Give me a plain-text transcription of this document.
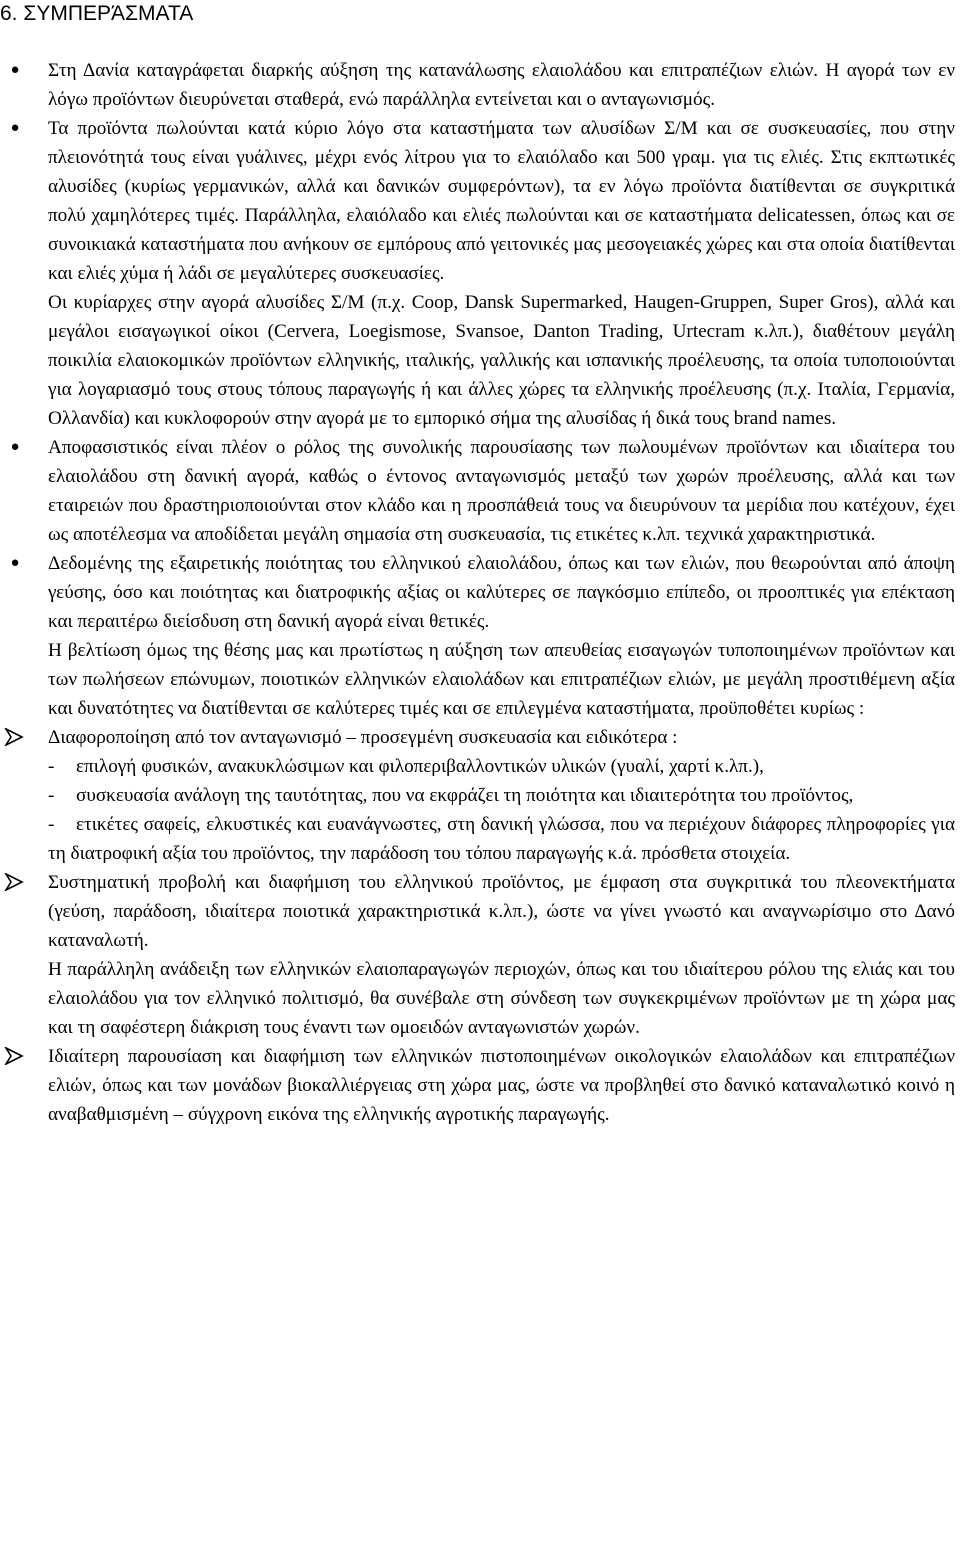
6. ΣΥΜΠΕΡΆΣΜΑΤΑ
●	Στη Δανία καταγράφεται διαρκής αύξηση της κατανάλωσης ελαιολάδου και επιτραπέζιων ελιών. Η αγορά των εν λόγω προϊόντων διευρύνεται σταθερά, ενώ παράλληλα εντείνεται και ο ανταγωνισμός.

●	Τα προϊόντα πωλούνται κατά κύριο λόγο στα καταστήματα των αλυσίδων Σ/Μ και σε συσκευασίες, που στην πλειονότητά τους είναι γυάλινες, μέχρι ενός λίτρου για το ελαιόλαδο και 500 γραμ. για τις ελιές. Στις εκπτωτικές αλυσίδες (κυρίως γερμανικών, αλλά και δανικών συμφερόντων), τα εν λόγω προϊόντα διατίθενται σε συγκριτικά πολύ χαμηλότερες τιμές. Παράλληλα, ελαιόλαδο και ελιές πωλούνται και σε καταστήματα delicatessen, όπως και σε συνοικιακά καταστήματα που ανήκουν σε εμπόρους από γειτονικές μας μεσογειακές χώρες και στα οποία διατίθενται και ελιές χύμα ή λάδι σε μεγαλύτερες συσκευασίες.

Οι κυρίαρχες στην αγορά αλυσίδες Σ/Μ (π.χ. Coop, Dansk Supermarked, Haugen-Gruppen, Super Gros), αλλά και μεγάλοι εισαγωγικοί οίκοι (Cervera, Loegismose, Svansoe, Danton Trading, Urtecram κ.λπ.), διαθέτουν μεγάλη ποικιλία ελαιοκομικών προϊόντων ελληνικής, ιταλικής, γαλλικής και ισπανικής προέλευσης, τα οποία τυποποιούνται για λογαριασμό τους στους τόπους παραγωγής ή και άλλες χώρες τα ελληνικής προέλευσης (π.χ. Ιταλία, Γερμανία, Ολλανδία) και κυκλοφορούν στην αγορά με το εμπορικό σήμα της αλυσίδας ή δικά τους brand names.

●	Αποφασιστικός είναι πλέον ο ρόλος της συνολικής παρουσίασης των πωλουμένων προϊόντων και ιδιαίτερα του ελαιολάδου στη δανική αγορά, καθώς ο έντονος ανταγωνισμός μεταξύ των χωρών προέλευσης, αλλά και των εταιρειών που δραστηριοποιούνται στον κλάδο και η προσπάθειά τους να διευρύνουν τα μερίδια που κατέχουν, έχει ως αποτέλεσμα να αποδίδεται μεγάλη σημασία στη συσκευασία, τις ετικέτες κ.λπ. τεχνικά χαρακτηριστικά.

●	Δεδομένης της εξαιρετικής ποιότητας του ελληνικού ελαιολάδου, όπως και των ελιών, που θεωρούνται από άποψη γεύσης, όσο και ποιότητας και διατροφικής αξίας οι καλύτερες σε παγκόσμιο επίπεδο, οι προοπτικές για επέκταση και περαιτέρω διείσδυση στη δανική αγορά είναι θετικές.

Η βελτίωση όμως της θέσης μας και πρωτίστως η αύξηση των απευθείας εισαγωγών τυποποιημένων προϊόντων και των πωλήσεων επώνυμων, ποιοτικών ελληνικών ελαιολάδων και επιτραπέζιων ελιών, με μεγάλη προστιθέμενη αξία και δυνατότητες να διατίθενται σε καλύτερες τιμές και σε επιλεγμένα καταστήματα, προϋποθέτει κυρίως :

Διαφοροποίηση από τον ανταγωνισμό – προσεγμένη συσκευασία και ειδικότερα :

- επιλογή φυσικών, ανακυκλώσιμων και φιλοπεριβαλλοντικών υλικών (γυαλί, χαρτί κ.λπ.),

- συσκευασία ανάλογη της ταυτότητας, που να εκφράζει τη ποιότητα και ιδιαιτερότητα του προϊόντος,

- ετικέτες σαφείς, ελκυστικές και ευανάγνωστες, στη δανική γλώσσα, που να περιέχουν διάφορες πληροφορίες για τη διατροφική αξία του προϊόντος, την παράδοση του τόπου παραγωγής κ.ά. πρόσθετα στοιχεία.

Συστηματική προβολή και διαφήμιση του ελληνικού προϊόντος, με έμφαση στα συγκριτικά του πλεονεκτήματα (γεύση, παράδοση, ιδιαίτερα ποιοτικά χαρακτηριστικά κ.λπ.), ώστε να γίνει γνωστό και αναγνωρίσιμο στο Δανό καταναλωτή.

Η παράλληλη ανάδειξη των ελληνικών ελαιοπαραγωγών περιοχών, όπως και του ιδιαίτερου ρόλου της ελιάς και του ελαιολάδου για τον ελληνικό πολιτισμό, θα συνέβαλε στη σύνδεση των συγκεκριμένων προϊόντων με τη χώρα μας και τη σαφέστερη διάκριση τους έναντι των ομοειδών ανταγωνιστών χωρών.

Ιδιαίτερη παρουσίαση και διαφήμιση των ελληνικών πιστοποιημένων οικολογικών ελαιολάδων και επιτραπέζιων ελιών, όπως και των μονάδων βιοκαλλιέργειας στη χώρα μας, ώστε να προβληθεί στο δανικό καταναλωτικό κοινό η αναβαθμισμένη – σύγχρονη εικόνα της ελληνικής αγροτικής παραγωγής.
